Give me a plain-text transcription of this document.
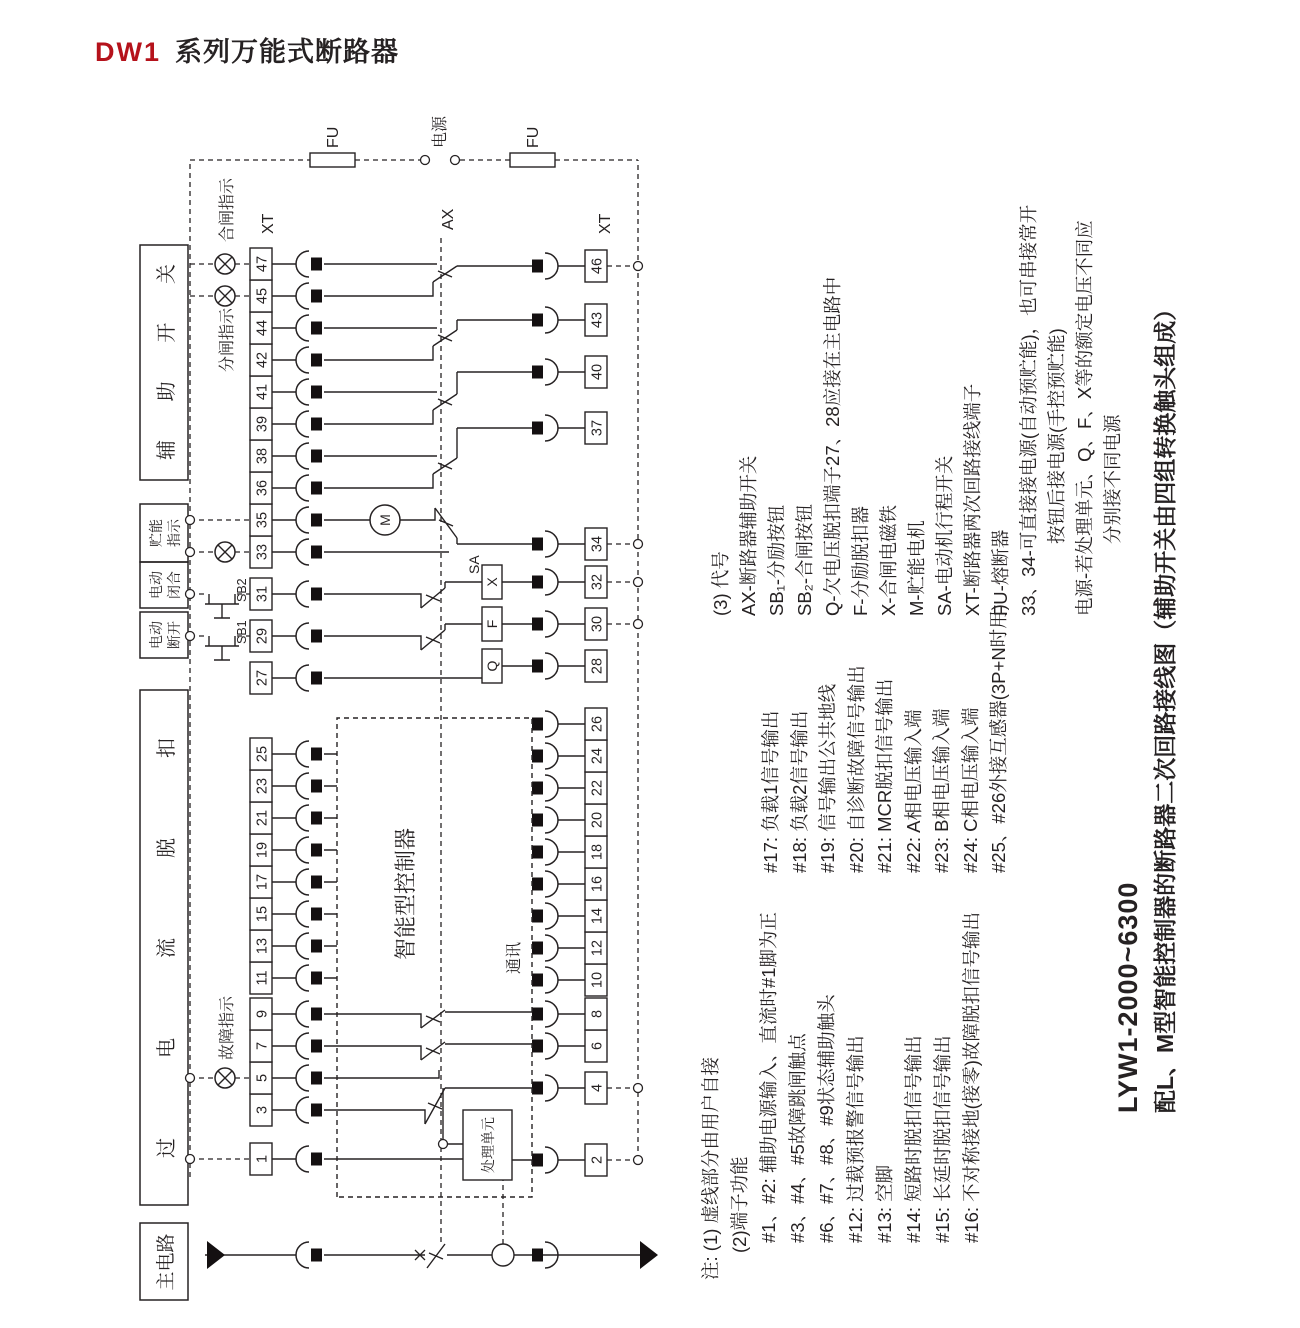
DW1 系列万能式断路器
主电路
过电流脱扣
电动 断开
电动 闭合
贮能 指示
辅助开关
1
3
5
7
9
11
13
15
17
19
21
23
25
27
29
31
33
35
36
38
39
41
42
44
45
47
2
4
6
8
10
12
14
16
18
20
22
24
26
28
30
32
34
37
40
43
46
智能型控制器	通讯
处理单元
XT	XT
AX
SA
SB1
SB2
M
X
F
Q
FU	FU
电源
合闸指示
分闸指示
故障指示
注: (1) 虚线部分由用户自接 (2)端子功能 #1、#2: 辅助电源输入、直流时#1脚为正 #3、#4、#5故障跳闸触点 #6、#7、#8、#9状态辅助触头 #12: 过载预报警信号输出 #13: 空脚 #14: 短路时脱扣信号输出 #15: 长延时脱扣信号输出 #16: 不对称接地(接零)故障脱扣信号输出
#17: 负载1信号输出 #18: 负载2信号输出 #19: 信号输出公共地线 #20: 自诊断故障信号输出 #21: MCR脱扣信号输出 #22: A相电压输入端 #23: B相电压输入端 #24: C相电压输入端 #25、#26外接互感器(3P+N时用)
(3) 代号 AX-断路器辅助开关 SB₁-分励按钮 SB₂-合闸按钮 Q-欠电压脱扣端子27、28应接在主电路中 F-分励脱扣器 X-合闸电磁铁 M-贮能电机 SA-电动机行程开关 XT-断路器两次回路接线端子 FU-熔断器 33、34-可直接接电源(自动预贮能)，也可串接常开 按钮后接电源(手控预贮能) 电源-若处理单元、Q、F、X等的额定电压不同应 分别接不同电源
LYW1-2000~6300 配L、M型智能控制器的断路器二次回路接线图（辅助开关由四组转换触头组成）
